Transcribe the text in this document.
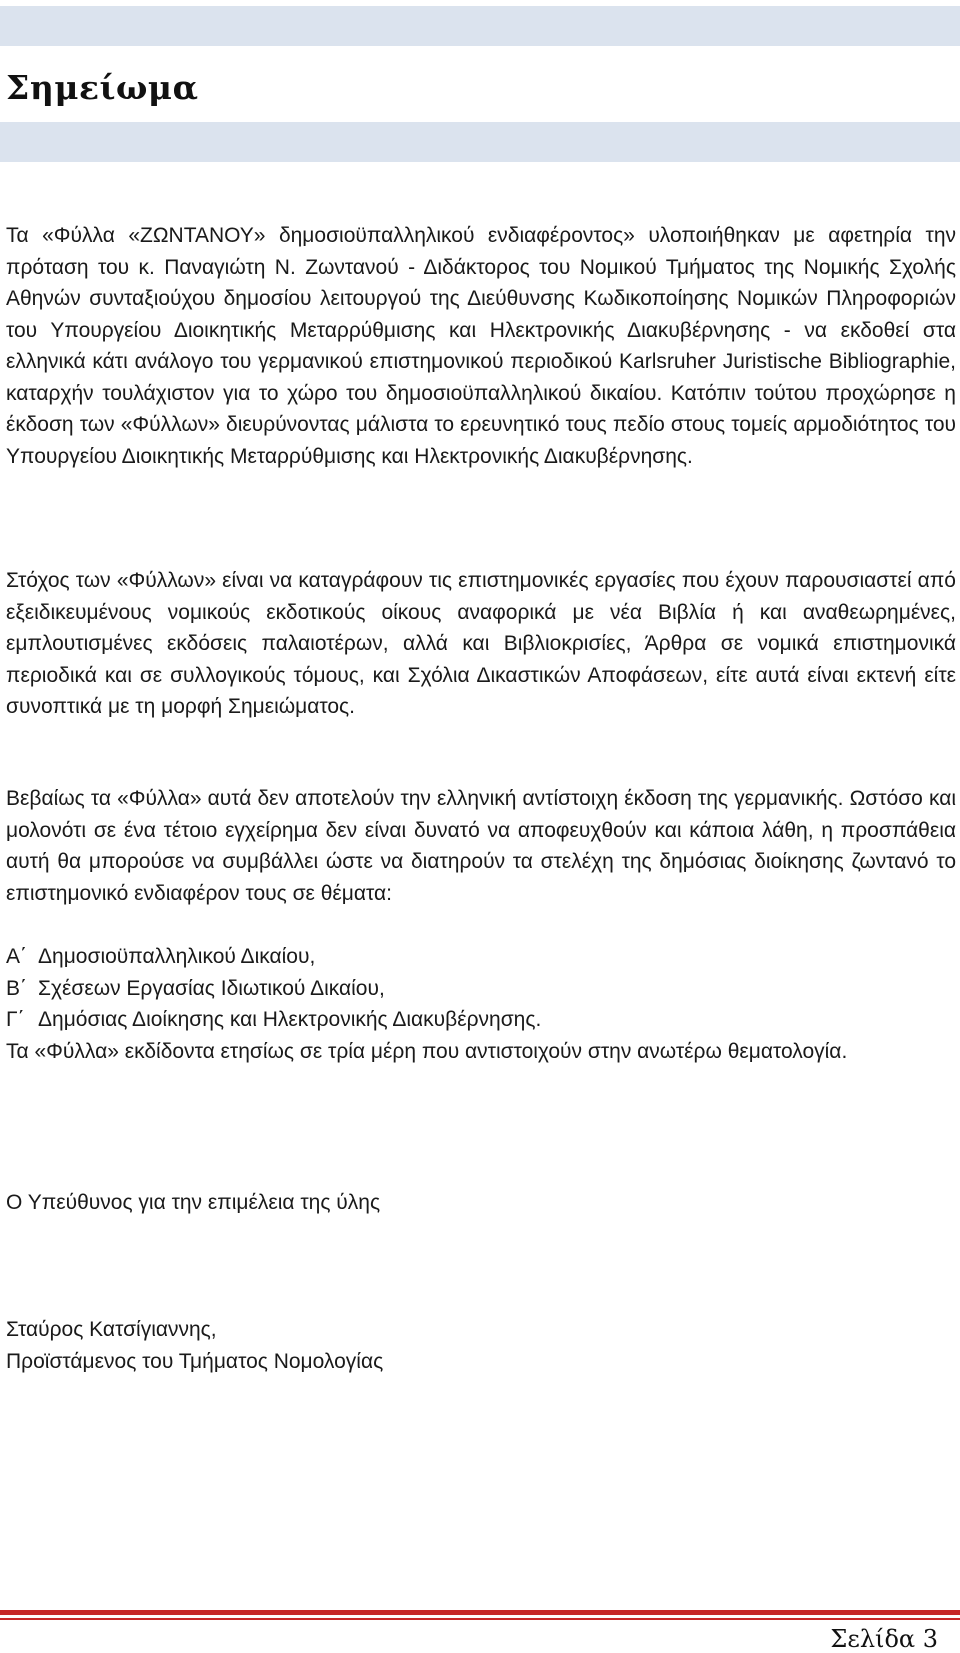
Σημείωμα

Τα «Φύλλα «ΖΩΝΤΑΝΟΥ» δημοσιοϋπαλληλικού ενδιαφέροντος» υλοποιήθηκαν με αφετηρία την πρόταση του κ. Παναγιώτη Ν. Ζωντανού - Διδάκτορος του Νομικού Τμήματος της Νομικής Σχολής Αθηνών συνταξιούχου δημοσίου λειτουργού της Διεύθυνσης Κωδικοποίησης Νομικών Πληροφοριών του Υπουργείου Διοικητικής Μεταρρύθμισης και Ηλεκτρονικής Διακυβέρνησης - να εκδοθεί στα ελληνικά κάτι ανάλογο του γερμανικού επιστημονικού περιοδικού Karlsruher Juristische Bibliographie, καταρχήν τουλάχιστον για το χώρο του δημοσιοϋπαλληλικού δικαίου. Κατόπιν τούτου προχώρησε η έκδοση των «Φύλλων» διευρύνοντας μάλιστα το ερευνητικό τους πεδίο στους τομείς αρμοδιότητος του Υπουργείου Διοικητικής Μεταρρύθμισης και Ηλεκτρονικής Διακυβέρνησης.

Στόχος των «Φύλλων» είναι να καταγράφουν τις επιστημονικές εργασίες που έχουν παρουσιαστεί από εξειδικευμένους νομικούς εκδοτικούς οίκους αναφορικά με νέα Βιβλία ή και αναθεωρημένες, εμπλουτισμένες εκδόσεις παλαιοτέρων, αλλά και Βιβλιοκρισίες, Άρθρα σε νομικά επιστημονικά περιοδικά και σε συλλογικούς τόμους, και Σχόλια Δικαστικών Αποφάσεων, είτε αυτά είναι εκτενή είτε συνοπτικά με τη μορφή Σημειώματος.

Βεβαίως τα «Φύλλα» αυτά δεν αποτελούν την ελληνική αντίστοιχη έκδοση της γερμανικής. Ωστόσο και μολονότι σε ένα τέτοιο εγχείρημα δεν είναι δυνατό να αποφευχθούν και κάποια λάθη, η προσπάθεια αυτή θα μπορούσε να συμβάλλει ώστε να διατηρούν τα στελέχη της δημόσιας διοίκησης ζωντανό το επιστημονικό ενδιαφέρον τους σε θέματα:

Α΄ Δημοσιοϋπαλληλικού Δικαίου,
Β΄ Σχέσεων Εργασίας Ιδιωτικού Δικαίου,
Γ΄ Δημόσιας Διοίκησης και Ηλεκτρονικής Διακυβέρνησης.

Τα «Φύλλα» εκδίδοντα ετησίως σε τρία μέρη που αντιστοιχούν στην ανωτέρω θεματολογία.

Ο Υπεύθυνος για την επιμέλεια της ύλης

Σταύρος Κατσίγιαννης,
Προϊστάμενος του Τμήματος Νομολογίας
Σελίδα 3
